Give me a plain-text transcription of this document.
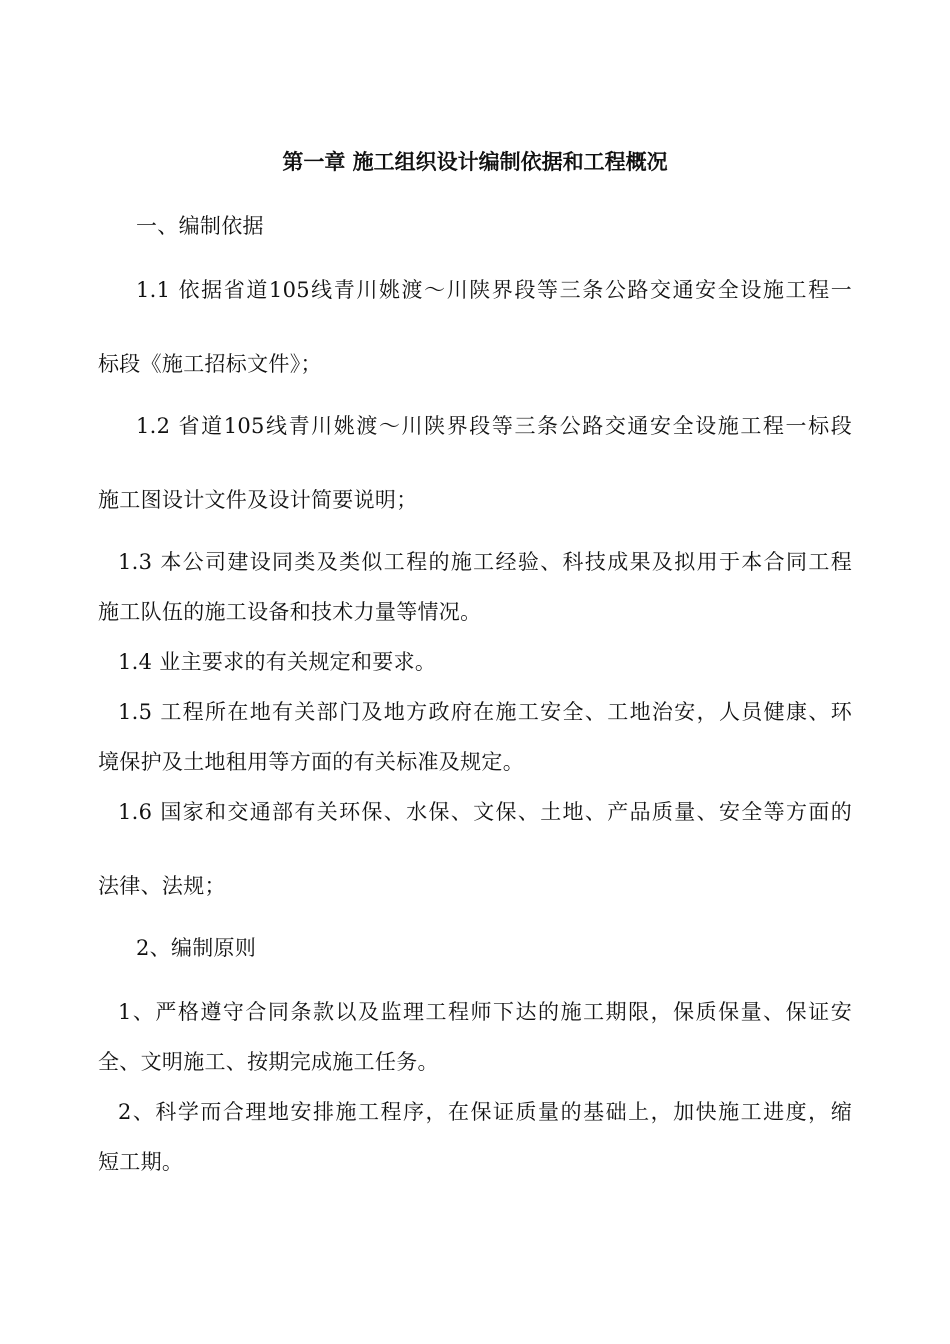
第一章 施工组织设计编制依据和工程概况
一、编制依据
1.1 依据省道105线青川姚渡～川陕界段等三条公路交通安全设施工程一
标段《施工招标文件》；
1.2 省道105线青川姚渡～川陕界段等三条公路交通安全设施工程一标段
施工图设计文件及设计简要说明；
1.3 本公司建设同类及类似工程的施工经验、科技成果及拟用于本合同工程
施工队伍的施工设备和技术力量等情况。
1.4 业主要求的有关规定和要求。
1.5 工程所在地有关部门及地方政府在施工安全、工地治安，人员健康、环
境保护及土地租用等方面的有关标准及规定。
1.6 国家和交通部有关环保、水保、文保、土地、产品质量、安全等方面的
法律、法规；
2、编制原则
1、严格遵守合同条款以及监理工程师下达的施工期限，保质保量、保证安
全、文明施工、按期完成施工任务。
2、科学而合理地安排施工程序，在保证质量的基础上，加快施工进度，缩
短工期。
